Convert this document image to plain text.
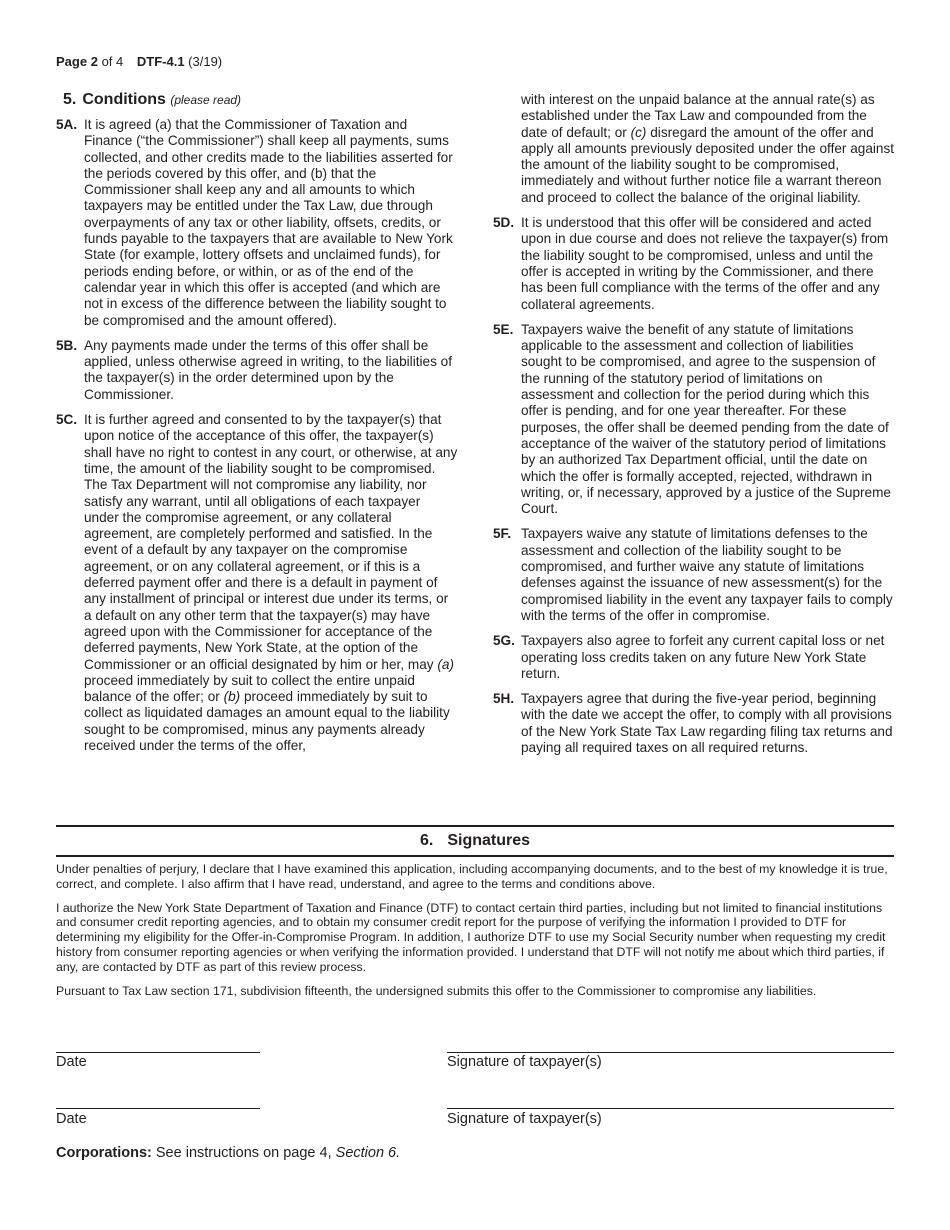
Page 2 of 4 DTF-4.1 (3/19)
5. Conditions (please read)
5A. It is agreed (a) that the Commissioner of Taxation and Finance (“the Commissioner”) shall keep all payments, sums collected, and other credits made to the liabilities asserted for the periods covered by this offer, and (b) that the Commissioner shall keep any and all amounts to which taxpayers may be entitled under the Tax Law, due through overpayments of any tax or other liability, offsets, credits, or funds payable to the taxpayers that are available to New York State (for example, lottery offsets and unclaimed funds), for periods ending before, or within, or as of the end of the calendar year in which this offer is accepted (and which are not in excess of the difference between the liability sought to be compromised and the amount offered).
5B. Any payments made under the terms of this offer shall be applied, unless otherwise agreed in writing, to the liabilities of the taxpayer(s) in the order determined upon by the Commissioner.
5C. It is further agreed and consented to by the taxpayer(s) that upon notice of the acceptance of this offer, the taxpayer(s) shall have no right to contest in any court, or otherwise, at any time, the amount of the liability sought to be compromised. The Tax Department will not compromise any liability, nor satisfy any warrant, until all obligations of each taxpayer under the compromise agreement, or any collateral agreement, are completely performed and satisfied. In the event of a default by any taxpayer on the compromise agreement, or on any collateral agreement, or if this is a deferred payment offer and there is a default in payment of any installment of principal or interest due under its terms, or a default on any other term that the taxpayer(s) may have agreed upon with the Commissioner for acceptance of the deferred payments, New York State, at the option of the Commissioner or an official designated by him or her, may (a) proceed immediately by suit to collect the entire unpaid balance of the offer; or (b) proceed immediately by suit to collect as liquidated damages an amount equal to the liability sought to be compromised, minus any payments already received under the terms of the offer,
with interest on the unpaid balance at the annual rate(s) as established under the Tax Law and compounded from the date of default; or (c) disregard the amount of the offer and apply all amounts previously deposited under the offer against the amount of the liability sought to be compromised, immediately and without further notice file a warrant thereon and proceed to collect the balance of the original liability.
5D. It is understood that this offer will be considered and acted upon in due course and does not relieve the taxpayer(s) from the liability sought to be compromised, unless and until the offer is accepted in writing by the Commissioner, and there has been full compliance with the terms of the offer and any collateral agreements.
5E. Taxpayers waive the benefit of any statute of limitations applicable to the assessment and collection of liabilities sought to be compromised, and agree to the suspension of the running of the statutory period of limitations on assessment and collection for the period during which this offer is pending, and for one year thereafter. For these purposes, the offer shall be deemed pending from the date of acceptance of the waiver of the statutory period of limitations by an authorized Tax Department official, until the date on which the offer is formally accepted, rejected, withdrawn in writing, or, if necessary, approved by a justice of the Supreme Court.
5F. Taxpayers waive any statute of limitations defenses to the assessment and collection of the liability sought to be compromised, and further waive any statute of limitations defenses against the issuance of new assessment(s) for the compromised liability in the event any taxpayer fails to comply with the terms of the offer in compromise.
5G. Taxpayers also agree to forfeit any current capital loss or net operating loss credits taken on any future New York State return.
5H. Taxpayers agree that during the five-year period, beginning with the date we accept the offer, to comply with all provisions of the New York State Tax Law regarding filing tax returns and paying all required taxes on all required returns.
6. Signatures

Under penalties of perjury, I declare that I have examined this application, including accompanying documents, and to the best of my knowledge it is true, correct, and complete. I also affirm that I have read, understand, and agree to the terms and conditions above.

I authorize the New York State Department of Taxation and Finance (DTF) to contact certain third parties, including but not limited to financial institutions and consumer credit reporting agencies, and to obtain my consumer credit report for the purpose of verifying the information I provided to DTF for determining my eligibility for the Offer-in-Compromise Program. In addition, I authorize DTF to use my Social Security number when requesting my credit history from consumer reporting agencies or when verifying the information provided. I understand that DTF will not notify me about which third parties, if any, are contacted by DTF as part of this review process.

Pursuant to Tax Law section 171, subdivision fifteenth, the undersigned submits this offer to the Commissioner to compromise any liabilities.

Date	Signature of taxpayer(s)
Date	Signature of taxpayer(s)
Corporations: See instructions on page 4, Section 6.
